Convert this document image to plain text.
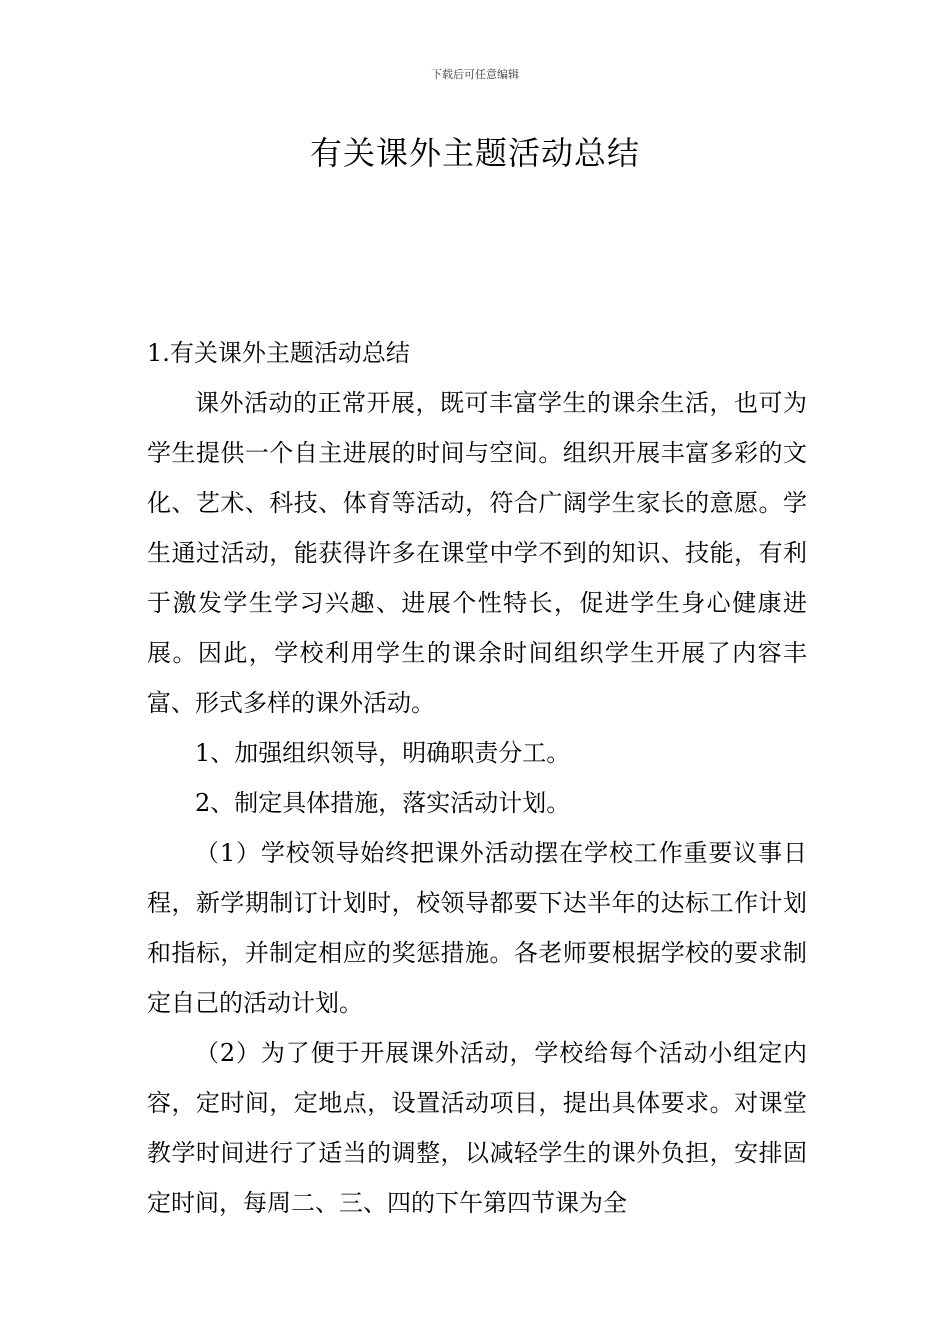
下载后可任意编辑
有关课外主题活动总结

1.有关课外主题活动总结

课外活动的正常开展，既可丰富学生的课余生活，也可为学生提供一个自主进展的时间与空间。组织开展丰富多彩的文化、艺术、科技、体育等活动，符合广阔学生家长的意愿。学生通过活动，能获得许多在课堂中学不到的知识、技能，有利于激发学生学习兴趣、进展个性特长，促进学生身心健康进展。因此，学校利用学生的课余时间组织学生开展了内容丰富、形式多样的课外活动。

1、加强组织领导，明确职责分工。

2、制定具体措施，落实活动计划。

（1）学校领导始终把课外活动摆在学校工作重要议事日程，新学期制订计划时，校领导都要下达半年的达标工作计划和指标，并制定相应的奖惩措施。各老师要根据学校的要求制定自己的活动计划。

（2）为了便于开展课外活动，学校给每个活动小组定内容，定时间，定地点，设置活动项目，提出具体要求。对课堂教学时间进行了适当的调整，以减轻学生的课外负担，安排固定时间，每周二、三、四的下午第四节课为全
